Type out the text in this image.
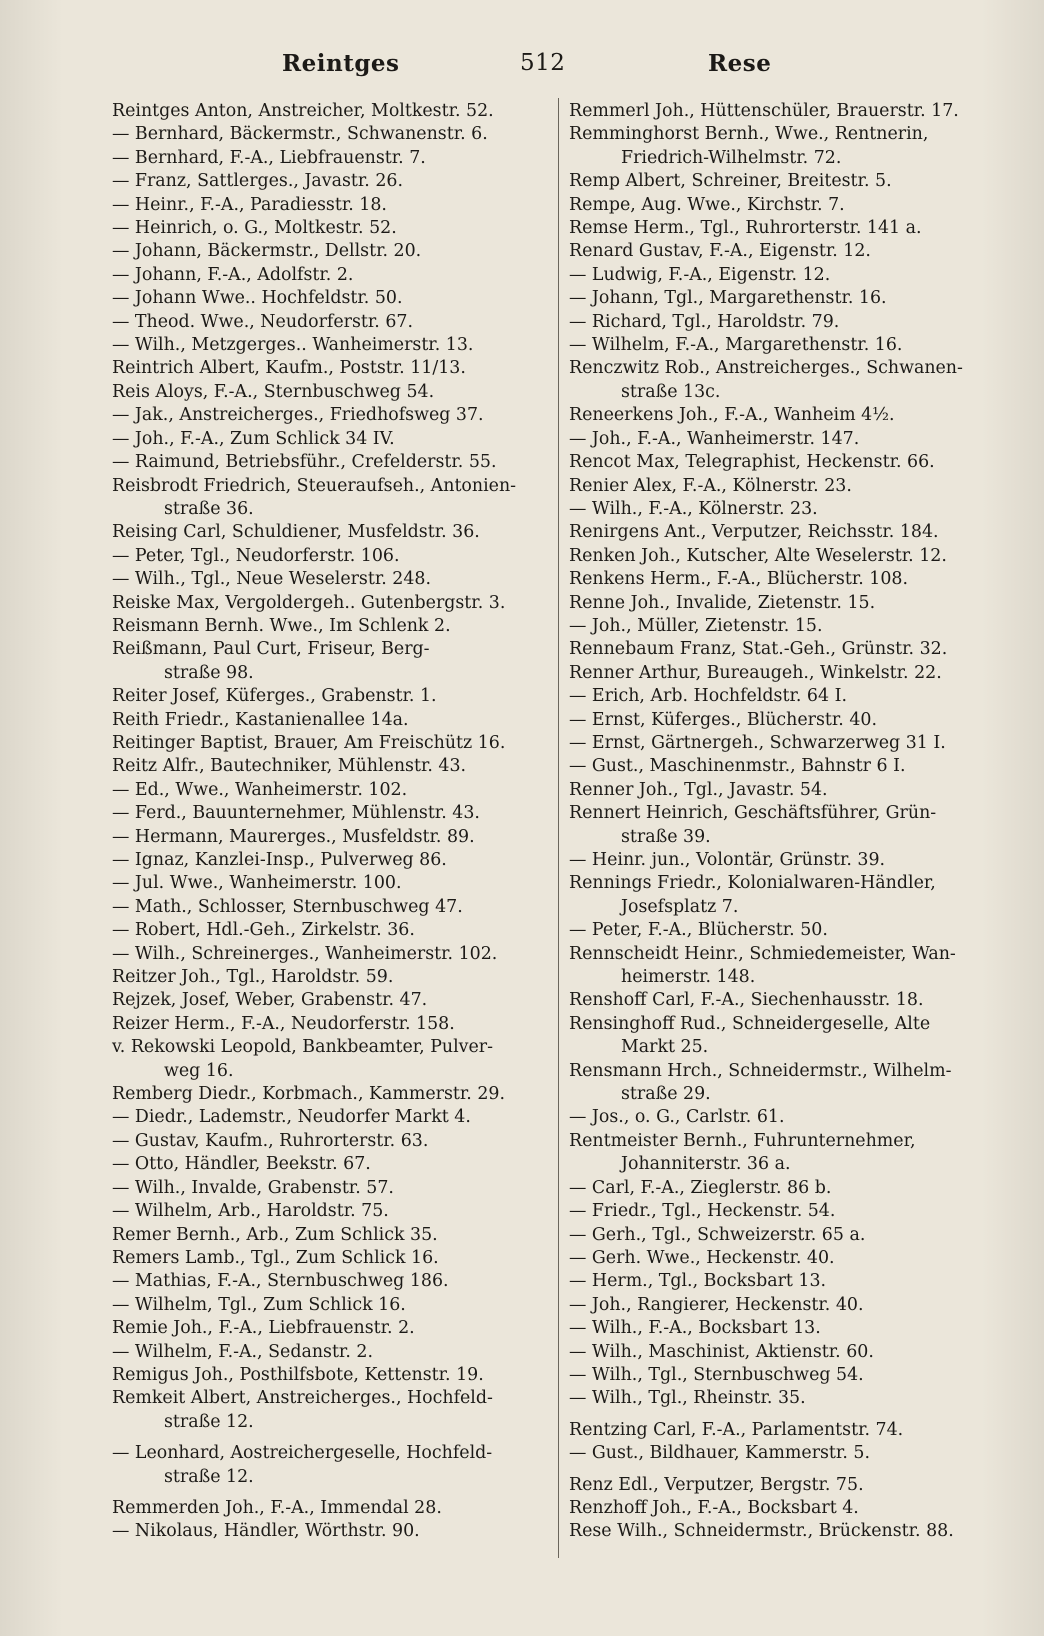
Reintges	512	Rese
Reintges Anton, Anstreicher, Moltkestr. 52.
— Bernhard, Bäckermstr., Schwanenstr. 6.
— Bernhard, F.-A., Liebfrauenstr. 7.
— Franz, Sattlerges., Javastr. 26.
— Heinr., F.-A., Paradiesstr. 18.
— Heinrich, o. G., Moltkestr. 52.
— Johann, Bäckermstr., Dellstr. 20.
— Johann, F.-A., Adolfstr. 2.
— Johann Wwe.. Hochfeldstr. 50.
— Theod. Wwe., Neudorferstr. 67.
— Wilh., Metzgerges.. Wanheimerstr. 13.
Reintrich Albert, Kaufm., Poststr. 11/13.
Reis Aloys, F.-A., Sternbuschweg 54.
— Jak., Anstreicherges., Friedhofsweg 37.
— Joh., F.-A., Zum Schlick 34 IV.
— Raimund, Betriebsführ., Crefelderstr. 55.
Reisbrodt Friedrich, Steueraufseh., Antonien-
straße 36.
Reising Carl, Schuldiener, Musfeldstr. 36.
— Peter, Tgl., Neudorferstr. 106.
— Wilh., Tgl., Neue Weselerstr. 248.
Reiske Max, Vergoldergeh.. Gutenbergstr. 3.
Reismann Bernh. Wwe., Im Schlenk 2.
Reißmann, Paul Curt, Friseur, Berg-
straße 98.
Reiter Josef, Küferges., Grabenstr. 1.
Reith Friedr., Kastanienallee 14a.
Reitinger Baptist, Brauer, Am Freischütz 16.
Reitz Alfr., Bautechniker, Mühlenstr. 43.
— Ed., Wwe., Wanheimerstr. 102.
— Ferd., Bauunternehmer, Mühlenstr. 43.
— Hermann, Maurerges., Musfeldstr. 89.
— Ignaz, Kanzlei-Insp., Pulverweg 86.
— Jul. Wwe., Wanheimerstr. 100.
— Math., Schlosser, Sternbuschweg 47.
— Robert, Hdl.-Geh., Zirkelstr. 36.
— Wilh., Schreinerges., Wanheimerstr. 102.
Reitzer Joh., Tgl., Haroldstr. 59.
Rejzek, Josef, Weber, Grabenstr. 47.
Reizer Herm., F.-A., Neudorferstr. 158.
v. Rekowski Leopold, Bankbeamter, Pulver-
weg 16.
Remberg Diedr., Korbmach., Kammerstr. 29.
— Diedr., Lademstr., Neudorfer Markt 4.
— Gustav, Kaufm., Ruhrorterstr. 63.
— Otto, Händler, Beekstr. 67.
— Wilh., Invalde, Grabenstr. 57.
— Wilhelm, Arb., Haroldstr. 75.
Remer Bernh., Arb., Zum Schlick 35.
Remers Lamb., Tgl., Zum Schlick 16.
— Mathias, F.-A., Sternbuschweg 186.
— Wilhelm, Tgl., Zum Schlick 16.
Remie Joh., F.-A., Liebfrauenstr. 2.
— Wilhelm, F.-A., Sedanstr. 2.
Remigus Joh., Posthilfsbote, Kettenstr. 19.
Remkeit Albert, Anstreicherges., Hochfeld-
straße 12.
— Leonhard, Aostreichergeselle, Hochfeld-
straße 12.
Remmerden Joh., F.-A., Immendal 28.
— Nikolaus, Händler, Wörthstr. 90.
Remmerl Joh., Hüttenschüler, Brauerstr. 17.
Remminghorst Bernh., Wwe., Rentnerin,
Friedrich-Wilhelmstr. 72.
Remp Albert, Schreiner, Breitestr. 5.
Rempe, Aug. Wwe., Kirchstr. 7.
Remse Herm., Tgl., Ruhrorterstr. 141 a.
Renard Gustav, F.-A., Eigenstr. 12.
— Ludwig, F.-A., Eigenstr. 12.
— Johann, Tgl., Margarethenstr. 16.
— Richard, Tgl., Haroldstr. 79.
— Wilhelm, F.-A., Margarethenstr. 16.
Renczwitz Rob., Anstreicherges., Schwanen-
straße 13c.
Reneerkens Joh., F.-A., Wanheim 4½.
— Joh., F.-A., Wanheimerstr. 147.
Rencot Max, Telegraphist, Heckenstr. 66.
Renier Alex, F.-A., Kölnerstr. 23.
— Wilh., F.-A., Kölnerstr. 23.
Renirgens Ant., Verputzer, Reichsstr. 184.
Renken Joh., Kutscher, Alte Weselerstr. 12.
Renkens Herm., F.-A., Blücherstr. 108.
Renne Joh., Invalide, Zietenstr. 15.
— Joh., Müller, Zietenstr. 15.
Rennebaum Franz, Stat.-Geh., Grünstr. 32.
Renner Arthur, Bureaugeh., Winkelstr. 22.
— Erich, Arb. Hochfeldstr. 64 I.
— Ernst, Küferges., Blücherstr. 40.
— Ernst, Gärtnergeh., Schwarzerweg 31 I.
— Gust., Maschinenmstr., Bahnstr 6 I.
Renner Joh., Tgl., Javastr. 54.
Rennert Heinrich, Geschäftsführer, Grün-
straße 39.
— Heinr. jun., Volontär, Grünstr. 39.
Rennings Friedr., Kolonialwaren-Händler,
Josefsplatz 7.
— Peter, F.-A., Blücherstr. 50.
Rennscheidt Heinr., Schmiedemeister, Wan-
heimerstr. 148.
Renshoff Carl, F.-A., Siechenhausstr. 18.
Rensinghoff Rud., Schneidergeselle, Alte
Markt 25.
Rensmann Hrch., Schneidermstr., Wilhelm-
straße 29.
— Jos., o. G., Carlstr. 61.
Rentmeister Bernh., Fuhrunternehmer,
Johanniterstr. 36 a.
— Carl, F.-A., Zieglerstr. 86 b.
— Friedr., Tgl., Heckenstr. 54.
— Gerh., Tgl., Schweizerstr. 65 a.
— Gerh. Wwe., Heckenstr. 40.
— Herm., Tgl., Bocksbart 13.
— Joh., Rangierer, Heckenstr. 40.
— Wilh., F.-A., Bocksbart 13.
— Wilh., Maschinist, Aktienstr. 60.
— Wilh., Tgl., Sternbuschweg 54.
— Wilh., Tgl., Rheinstr. 35.
Rentzing Carl, F.-A., Parlamentstr. 74.
— Gust., Bildhauer, Kammerstr. 5.
Renz Edl., Verputzer, Bergstr. 75.
Renzhoff Joh., F.-A., Bocksbart 4.
Rese Wilh., Schneidermstr., Brückenstr. 88.
